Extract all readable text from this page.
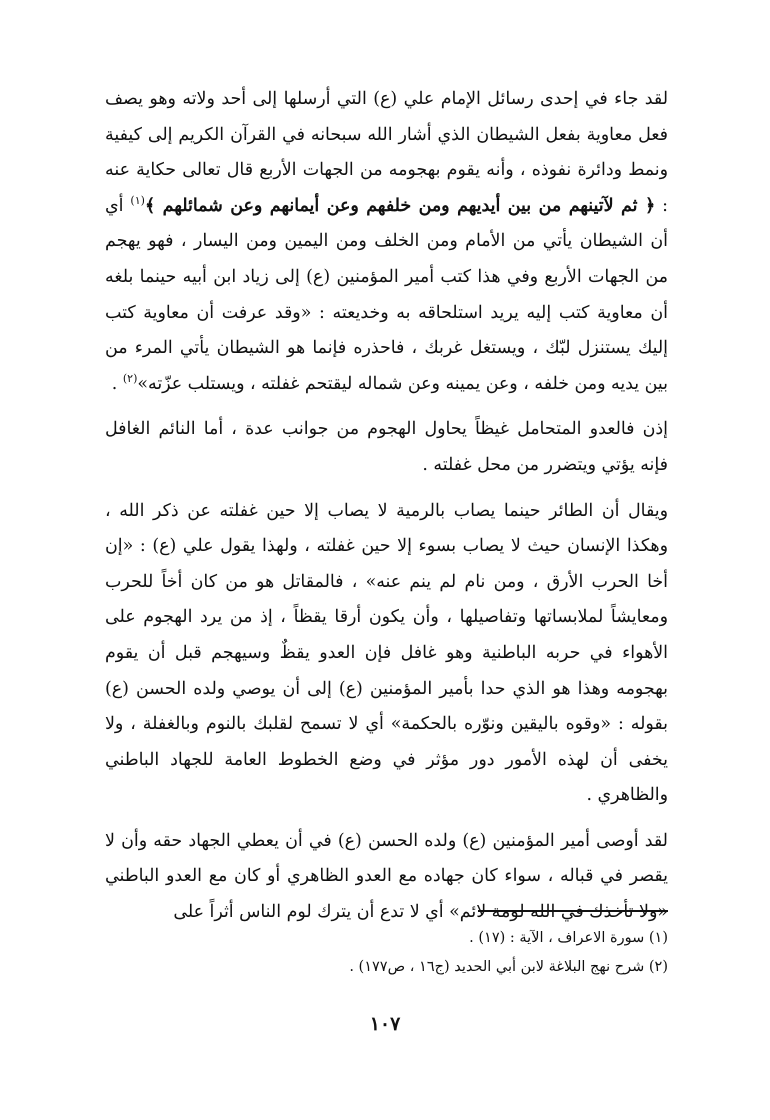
لقد جاء في إحدى رسائل الإمام علي (ع) التي أرسلها إلى أحد ولاته وهو يصف فعل معاوية بفعل الشيطان الذي أشار الله سبحانه في القرآن الكريم إلى كيفية ونمط ودائرة نفوذه ، وأنه يقوم بهجومه من الجهات الأربع قال تعالى حكاية عنه : ﴿ ثم لآتينهم من بين أيديهم ومن خلفهم وعن أيمانهم وعن شمائلهم ﴾$^{(١)}$ أي أن الشيطان يأتي من الأمام ومن الخلف ومن اليمين ومن اليسار ، فهو يهجم من الجهات الأربع وفي هذا كتب أمير المؤمنين (ع) إلى زياد ابن أبيه حينما بلغه أن معاوية كتب إليه يريد استلحاقه به وخديعته : «وقد عرفت أن معاوية كتب إليك يستنزل لبّك ، ويستغل غربك ، فاحذره فإنما هو الشيطان يأتي المرء من بين يديه ومن خلفه ، وعن يمينه وعن شماله ليقتحم غفلته ، ويستلب عزّته»$^{(٢)}$ .

إذن فالعدو المتحامل غيظاً يحاول الهجوم من جوانب عدة ، أما النائم الغافل فإنه يؤتي ويتضرر من محل غفلته .

ويقال أن الطائر حينما يصاب بالرمية لا يصاب إلا حين غفلته عن ذكر الله ، وهكذا الإنسان حيث لا يصاب بسوء إلا حين غفلته ، ولهذا يقول علي (ع) : «إن أخا الحرب الأرق ، ومن نام لم ينم عنه» ، فالمقاتل هو من كان أخاً للحرب ومعايشاً لملابساتها وتفاصيلها ، وأن يكون أرقا يقظاً ، إذ من يرد الهجوم على الأهواء في حربه الباطنية وهو غافل فإن العدو يقظٌ وسيهجم قبل أن يقوم بهجومه وهذا هو الذي حدا بأمير المؤمنين (ع) إلى أن يوصي ولده الحسن (ع) بقوله : «وقوه باليقين ونوّره بالحكمة» أي لا تسمح لقلبك بالنوم وبالغفلة ، ولا يخفى أن لهذه الأمور دور مؤثر في وضع الخطوط العامة للجهاد الباطني والظاهري .

لقد أوصى أمير المؤمنين (ع) ولده الحسن (ع) في أن يعطي الجهاد حقه وأن لا يقصر في قباله ، سواء كان جهاده مع العدو الظاهري أو كان مع العدو الباطني «ولا تأخذك في الله لومة لائم» أي لا تدع أن يترك لوم الناس أثراً على

(١) سورة الاعراف ، الآية : (١٧) .
(٢) شرح نهج البلاغة لابن أبي الحديد (ج١٦ ، ص١٧٧) .
١٠٧
